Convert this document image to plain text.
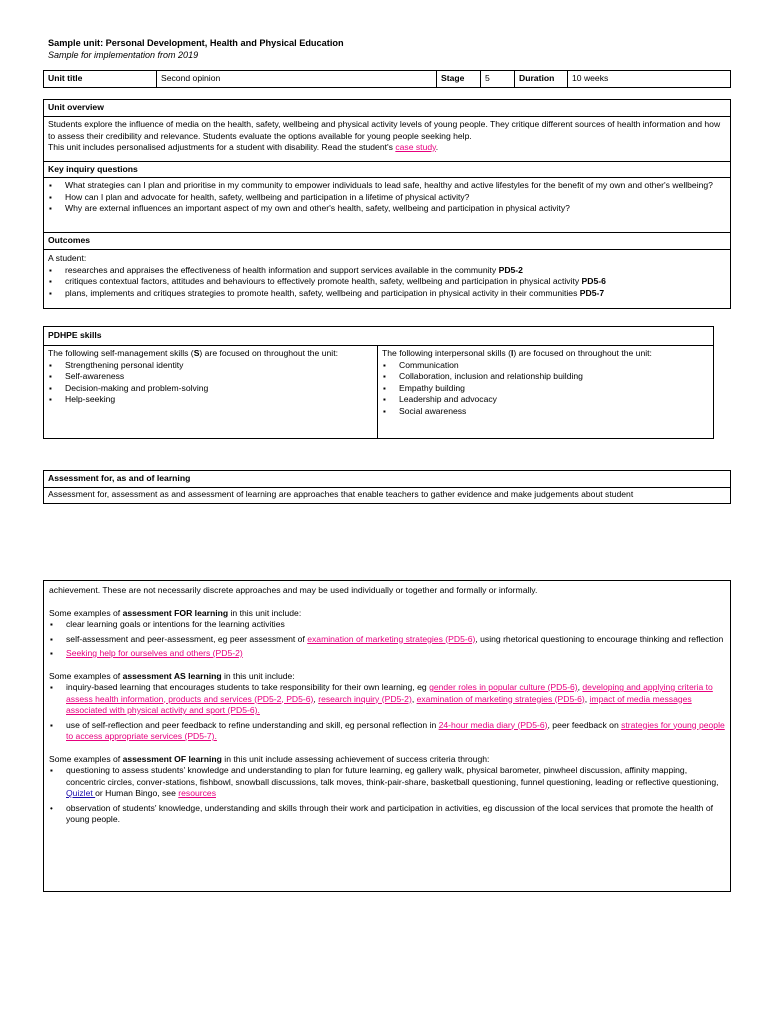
Sample unit: Personal Development, Health and Physical Education
Sample for implementation from 2019
Unit title	Second opinion	Stage	5	Duration	10 weeks
Unit overview

Students explore the influence of media on the health, safety, wellbeing and physical activity levels of young people. They critique different sources of health information and how to assess their credibility and relevance. Students evaluate the options available for young people seeking help.

This unit includes personalised adjustments for a student with disability. Read the student's case study.

Key inquiry questions
▪ What strategies can I plan and prioritise in my community to empower individuals to lead safe, healthy and active lifestyles for the benefit of my own and other's wellbeing?
▪ How can I plan and advocate for health, safety, wellbeing and participation in a lifetime of physical activity?
▪ Why are external influences an important aspect of my own and other's health, safety, wellbeing and participation in physical activity?
Outcomes

A student:

▪ researches and appraises the effectiveness of health information and support services available in the community PD5-2
▪ critiques contextual factors, attitudes and behaviours to effectively promote health, safety, wellbeing and participation in physical activity PD5-6
▪ plans, implements and critiques strategies to promote health, safety, wellbeing and participation in physical activity in their communities PD5-7
PDHPE skills

The following self-management skills (S) are focused on throughout the unit:

▪ Strengthening personal identity
▪ Self-awareness
▪ Decision-making and problem-solving
▪ Help-seeking

The following interpersonal skills (I) are focused on throughout the unit:

▪ Communication
▪ Collaboration, inclusion and relationship building
▪ Empathy building
▪ Leadership and advocacy
▪ Social awareness
Assessment for, as and of learning
Assessment for, assessment as and assessment of learning are approaches that enable teachers to gather evidence and make judgements about student

achievement. These are not necessarily discrete approaches and may be used individually or together and formally or informally.

Some examples of assessment FOR learning in this unit include:

▪ clear learning goals or intentions for the learning activities
▪ self-assessment and peer-assessment, eg peer assessment of examination of marketing strategies (PD5-6), using rhetorical questioning to encourage thinking and reflection
▪ Seeking help for ourselves and others (PD5-2)

Some examples of assessment AS learning in this unit include:

▪ inquiry-based learning that encourages students to take responsibility for their own learning, eg gender roles in popular culture (PD5-6), developing and applying criteria to assess health information, products and services (PD5-2, PD5-6), research inquiry (PD5-2), examination of marketing strategies (PD5-6), impact of media messages associated with physical activity and sport (PD5-6).
▪ use of self-reflection and peer feedback to refine understanding and skill, eg personal reflection in 24-hour media diary (PD5-6), peer feedback on strategies for young people to access appropriate services (PD5-7).

Some examples of assessment OF learning in this unit include assessing achievement of success criteria through:

▪ questioning to assess students' knowledge and understanding to plan for future learning, eg gallery walk, physical barometer, pinwheel discussion, affinity mapping, concentric circles, conver-stations, fishbowl, snowball discussions, talk moves, think-pair-share, basketball questioning, funnel questioning, leading or reflective questioning, Quizlet or Human Bingo, see resources
• observation of students' knowledge, understanding and skills through their work and participation in activities, eg discussion of the local services that promote the health of young people.
